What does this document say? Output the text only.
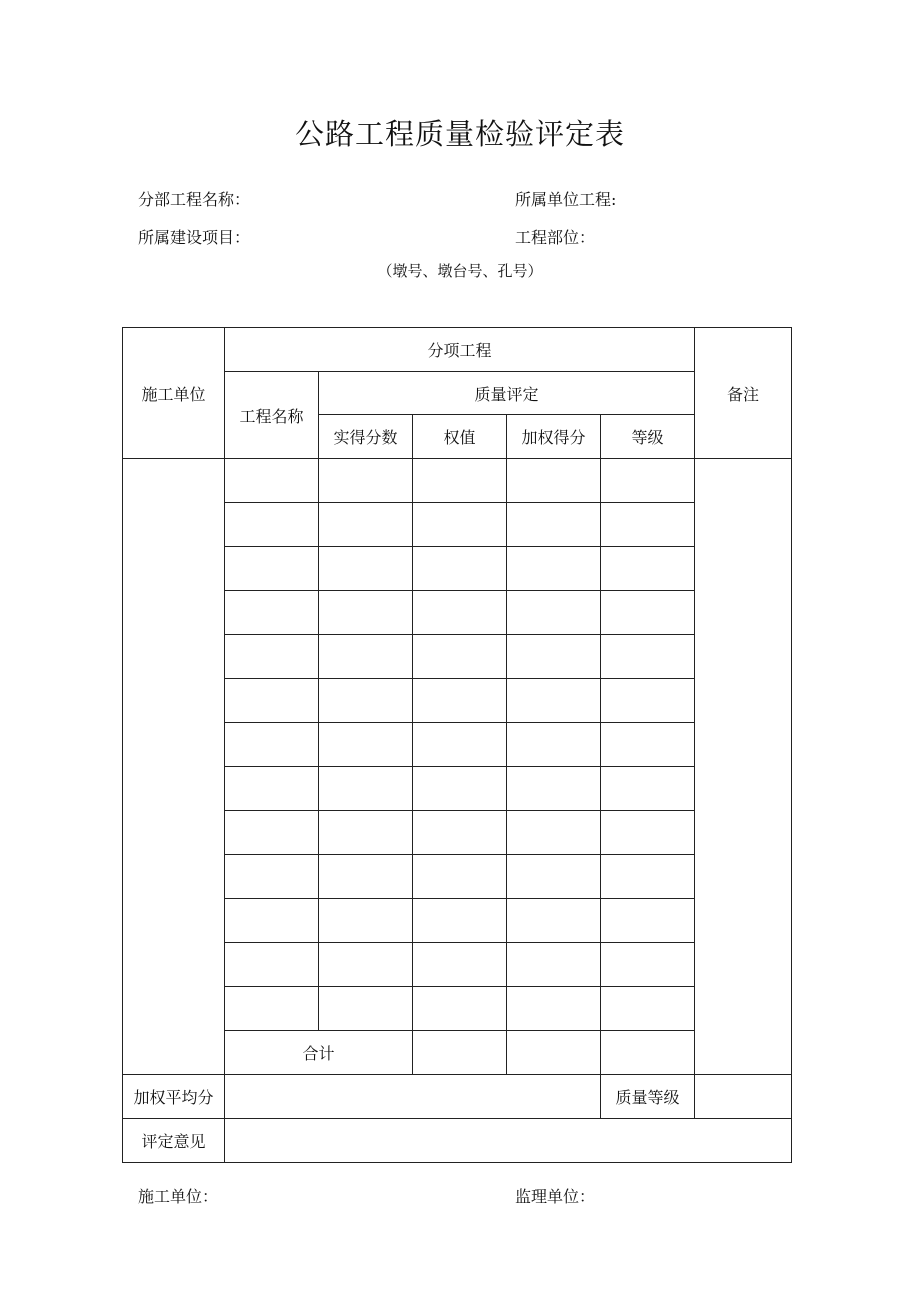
公路工程质量检验评定表
分部工程名称：	所属单位工程:
所属建设项目：	工程部位：
（墩号、墩台号、孔号）
施工单位	分项工程					备注
	工程名称	质量评定				
		实得分数	权值	加权得分	等级	

	合计					
加权平均分					质量等级	
评定意见						
施工单位：	监理单位：
